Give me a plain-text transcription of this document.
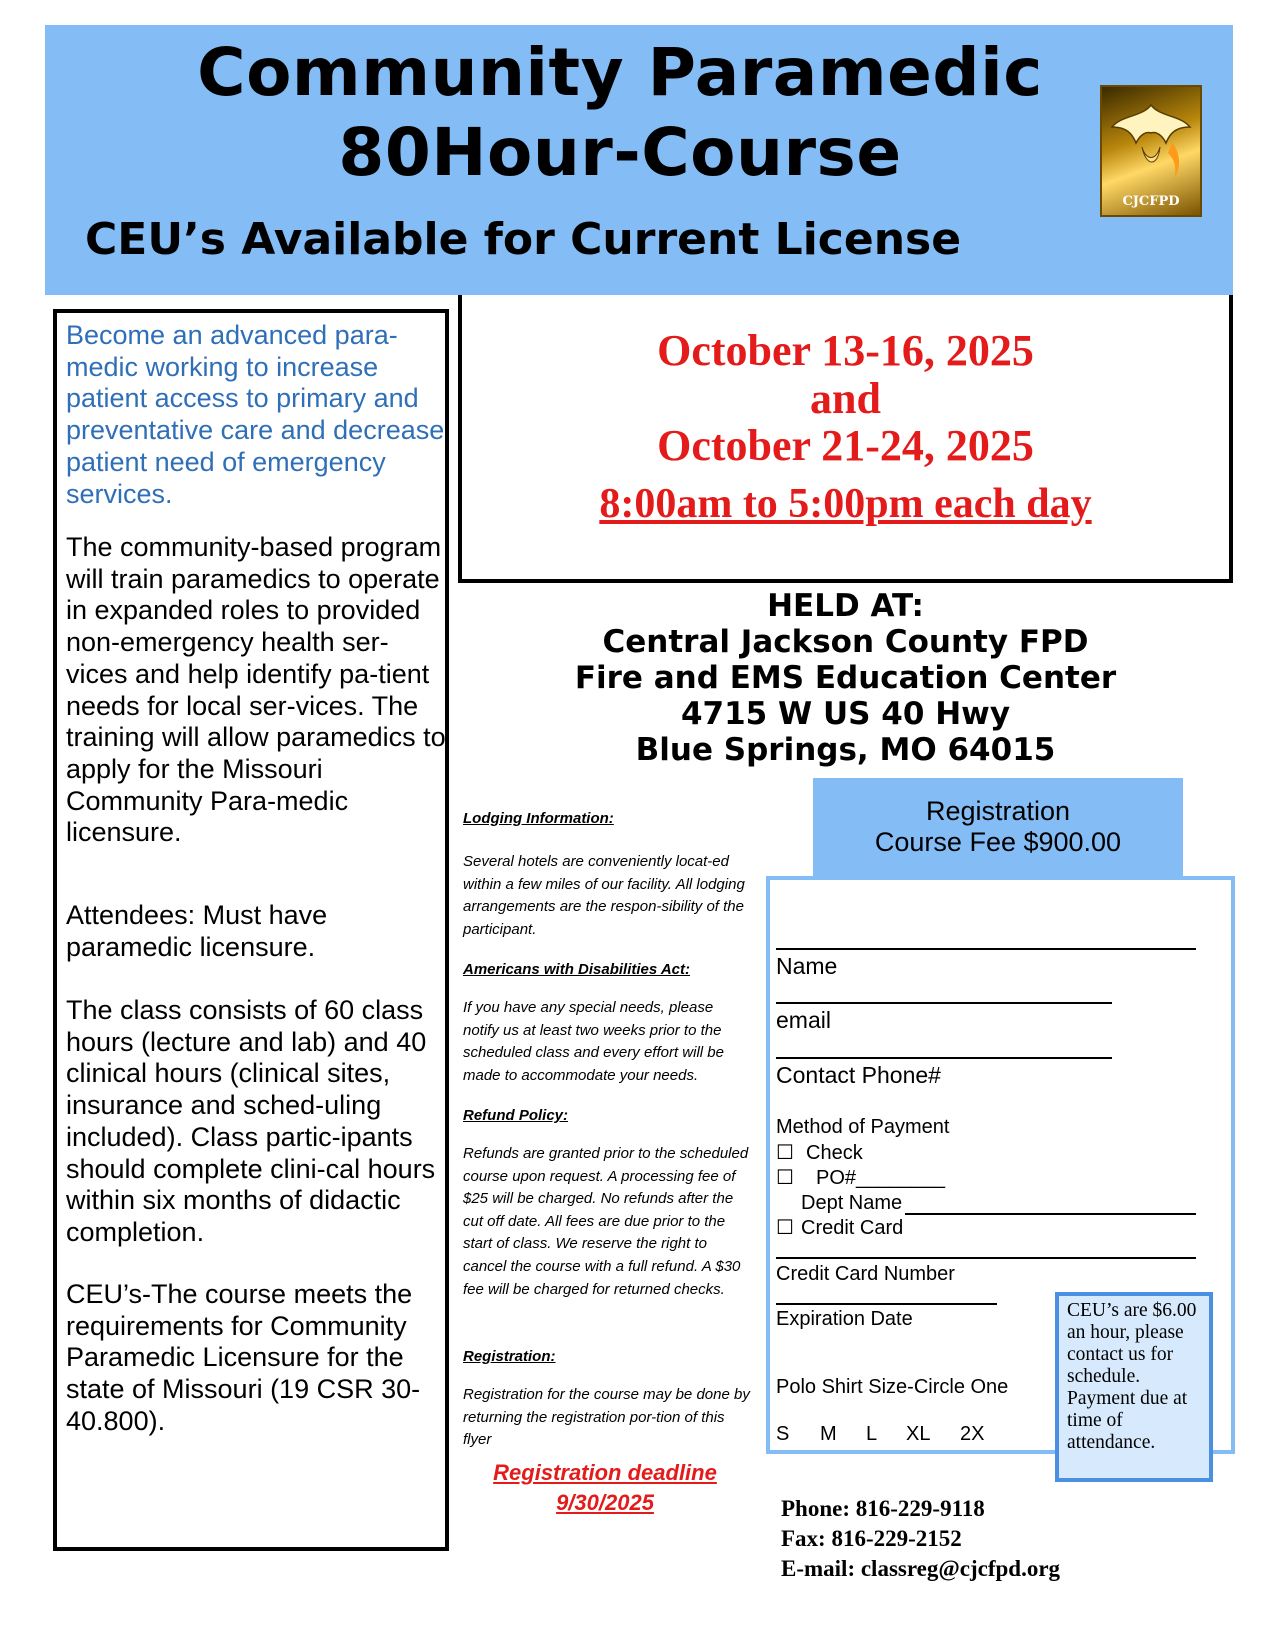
Community Paramedic
80Hour-Course
CEU’s Available for Current License
CJCFPD
Become an advanced para-medic working to increase patient access to primary and preventative care and decrease patient need of emergency services.
The community-based program will train paramedics to operate in expanded roles to provided non-emergency health ser-vices and help identify pa-tient needs for local ser-vices. The training will allow paramedics to apply for the Missouri Community Para-medic licensure.
Attendees: Must have paramedic licensure.
The class consists of 60 class hours (lecture and lab) and 40 clinical hours (clinical sites, insurance and sched-uling included). Class partic-ipants should complete clini-cal hours within six months of didactic completion.
CEU’s-The course meets the requirements for Community Paramedic Licensure for the state of Missouri (19 CSR 30-40.800).
October 13-16, 2025
and
October 21-24, 2025
8:00am to 5:00pm each day
HELD AT:
Central Jackson County FPD
Fire and EMS Education Center
4715 W US 40 Hwy
Blue Springs, MO 64015
Lodging Information:
Several hotels are conveniently locat-ed within a few miles of our facility. All lodging arrangements are the respon-sibility of the participant.
Americans with Disabilities Act:
If you have any special needs, please notify us at least two weeks prior to the scheduled class and every effort will be made to accommodate your needs.
Refund Policy:
Refunds are granted prior to the scheduled course upon request. A processing fee of $25 will be charged. No refunds after the cut off date. All fees are due prior to the start of class. We reserve the right to cancel the course with a full refund. A $30 fee will be charged for returned checks.
Registration:
Registration for the course may be done by returning the registration por-tion of this flyer
Registration deadline
9/30/2025
Registration
Course Fee $900.00
Name
email
Contact Phone#
Method of Payment
☐ Check
☐ PO#________
Dept Name
☐ Credit Card
Credit Card Number
Expiration Date
Polo Shirt Size-Circle One
S M L XL 2X
CEU’s are $6.00 an hour, please contact us for schedule. Payment due at time of attendance.
Phone: 816-229-9118
Fax: 816-229-2152
E-mail: classreg@cjcfpd.org
